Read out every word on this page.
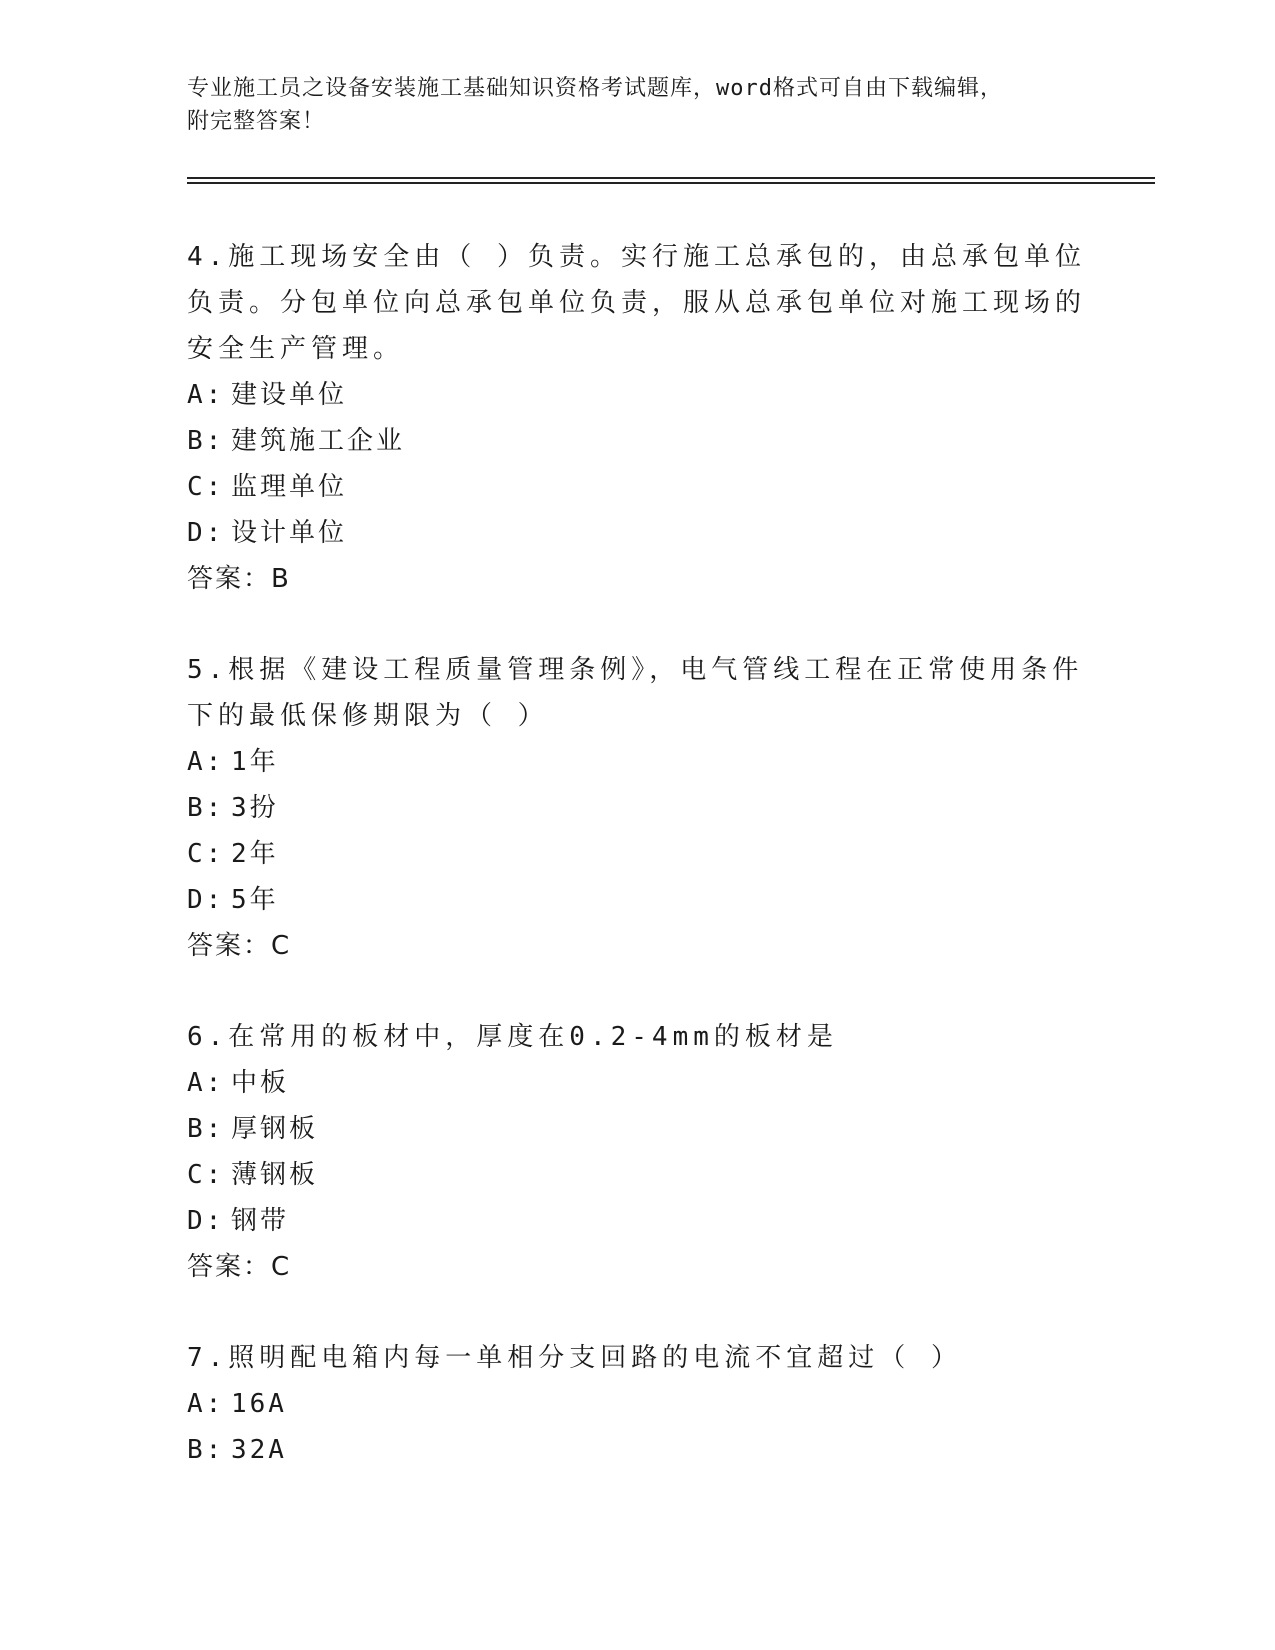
专业施工员之设备安装施工基础知识资格考试题库，word格式可自由下载编辑，
附完整答案！
4.施工现场安全由（ ）负责。实行施工总承包的，由总承包单位负责。分包单位向总承包单位负责，服从总承包单位对施工现场的安全生产管理。
A: 建设单位
B: 建筑施工企业
C: 监理单位
D: 设计单位
答案：B
5.根据《建设工程质量管理条例》，电气管线工程在正常使用条件下的最低保修期限为（ ）
A: 1年
B: 3扮
C: 2年
D: 5年
答案：C
6.在常用的板材中，厚度在0.2-4mm的板材是
A: 中板
B: 厚钢板
C: 薄钢板
D: 钢带
答案：C
7.照明配电箱内每一单相分支回路的电流不宜超过（ ）
A: 16A
B: 32A
